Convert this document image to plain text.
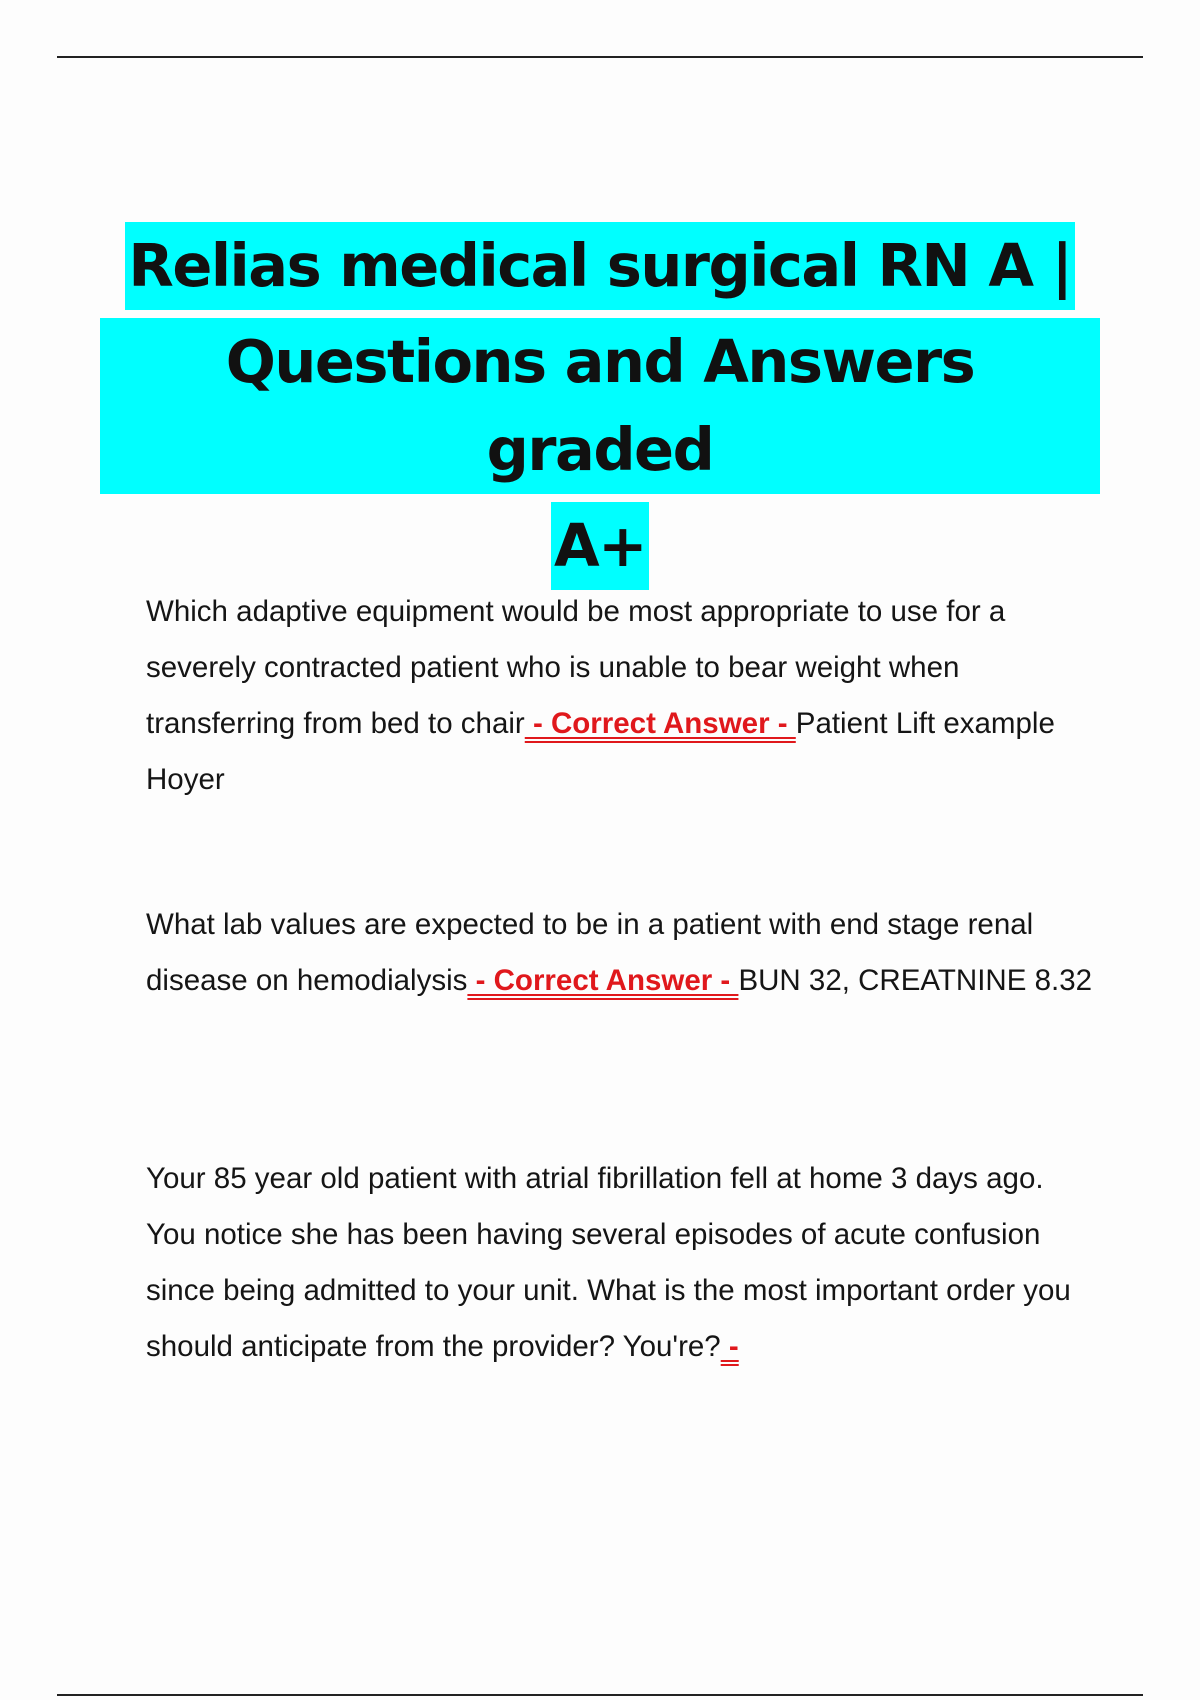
Relias medical surgical RN A |
Questions and Answers graded
A+
Which adaptive equipment would be most appropriate to use for a severely contracted patient who is unable to bear weight when transferring from bed to chair - Correct Answer - Patient Lift example Hoyer
What lab values are expected to be in a patient with end stage renal disease on hemodialysis - Correct Answer - BUN 32, CREATNINE 8.32
Your 85 year old patient with atrial fibrillation fell at home 3 days ago. You notice she has been having several episodes of acute confusion since being admitted to your unit. What is the most important order you should anticipate from the provider? You're? -
